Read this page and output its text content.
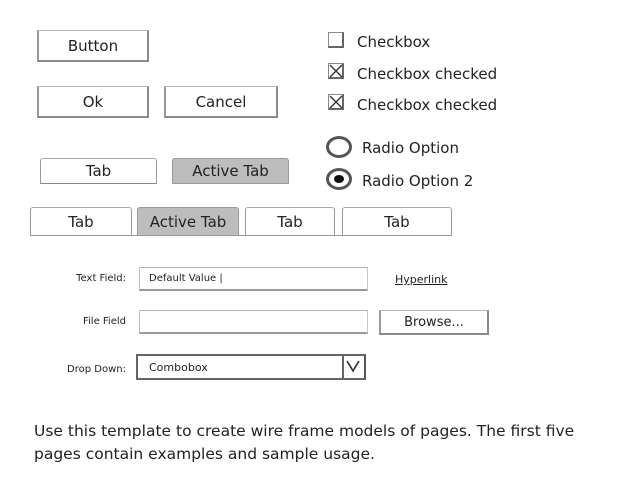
Button
Ok	Cancel
Checkbox
Checkbox checked
Checkbox checked
Radio Option
Radio Option 2
Tab	Active Tab
Tab	Active Tab	Tab	Tab
Text Field:	Default Value |	Hyperlink
File Field	Browse...
Drop Down: Combobox
Use this template to create wire frame models of pages. The first five
pages contain examples and sample usage.
